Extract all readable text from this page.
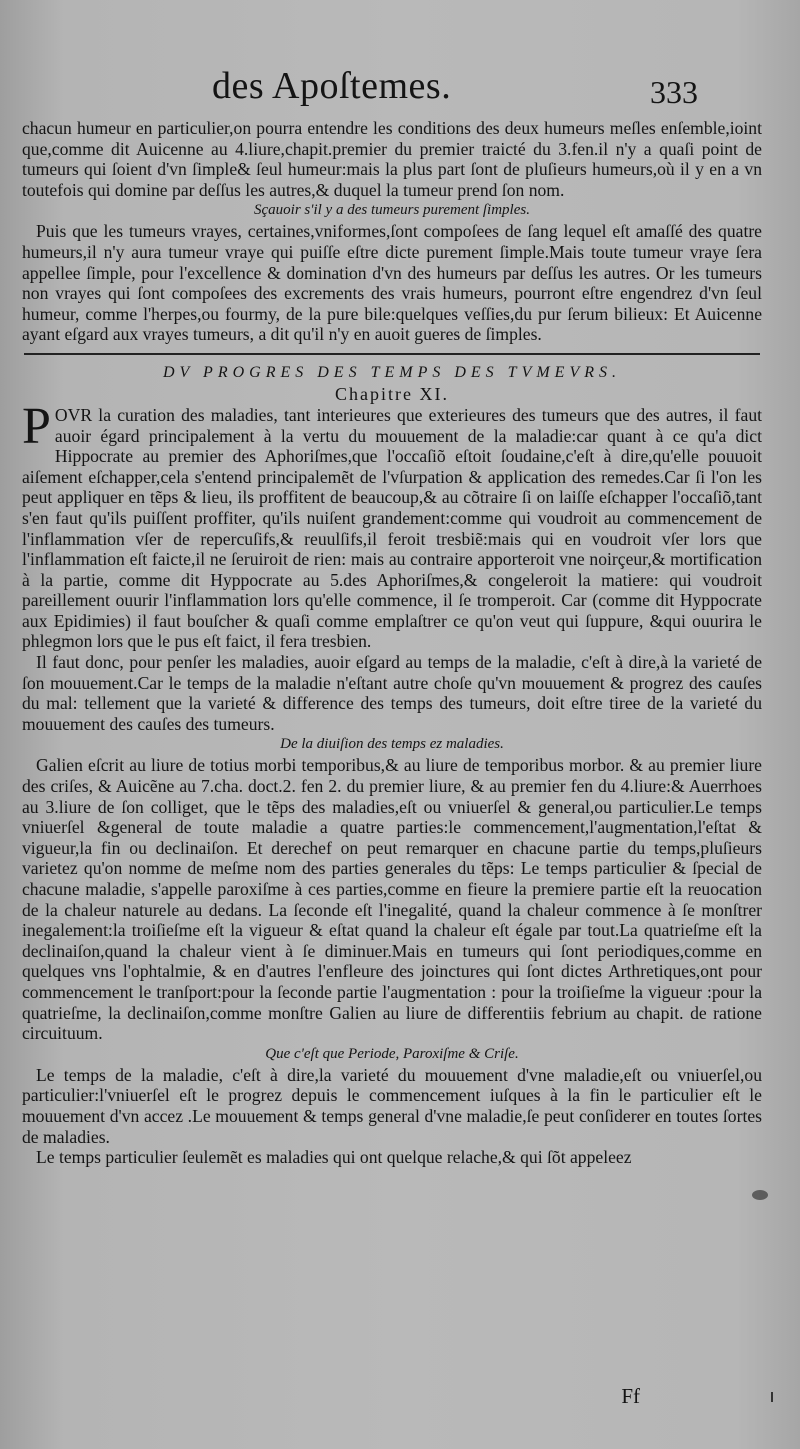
des Apoſtemes.	333

chacun humeur en particulier,on pourra entendre les conditions des deux humeurs meſles enſemble,ioint que,comme dit Auicenne au 4.liure,chapit.premier du premier traicté du 3.fen.il n'y a quaſi point de tumeurs qui ſoient d'vn ſimple& ſeul humeur:mais la plus part ſont de pluſieurs humeurs,où il y en a vn toutefois qui domine par deſſus les autres,& duquel la tumeur prend ſon nom.

Sçauoir s'il y a des tumeurs purement ſimples.

Puis que les tumeurs vrayes, certaines,vniformes,ſont compoſees de ſang lequel eſt amaſſé des quatre humeurs,il n'y aura tumeur vraye qui puiſſe eſtre dicte purement ſimple.Mais toute tumeur vraye ſera appellee ſimple, pour l'excellence & domination d'vn des humeurs par deſſus les autres. Or les tumeurs non vrayes qui ſont compoſees des excrements des vrais humeurs, pourront eſtre engendrez d'vn ſeul humeur, comme l'herpes,ou fourmy, de la pure bile:quelques veſſies,du pur ſerum bilieux: Et Auicenne ayant eſgard aux vrayes tumeurs, a dit qu'il n'y en auoit gueres de ſimples.

DV PROGRES DES TEMPS DES TVMEVRS.

Chapitre XI.

POVR la curation des maladies, tant interieures que exterieures des tumeurs que des autres, il faut auoir égard principalement à la vertu du mouuement de la maladie:car quant à ce qu'a dict Hippocrate au premier des Aphoriſmes,que l'occaſiõ eſtoit ſoudaine,c'eſt à dire,qu'elle pouuoit aiſement eſchapper,cela s'entend principalemẽt de l'vſurpation & application des remedes.Car ſi l'on les peut appliquer en tẽps & lieu, ils proffitent de beaucoup,& au cõtraire ſi on laiſſe eſchapper l'occaſiõ,tant s'en faut qu'ils puiſſent proffiter, qu'ils nuiſent grandement:comme qui voudroit au commencement de l'inflammation vſer de repercuſifs,& reuulſifs,il feroit tresbiẽ:mais qui en voudroit vſer lors que l'inflammation eſt faicte,il ne ſeruiroit de rien: mais au contraire apporteroit vne noirçeur,& mortification à la partie, comme dit Hyppocrate au 5.des Aphoriſmes,& congeleroit la matiere: qui voudroit pareillement ouurir l'inflammation lors qu'elle commence, il ſe tromperoit. Car (comme dit Hyppocrate aux Epidimies) il faut bouſcher & quaſi comme emplaſtrer ce qu'on veut qui ſuppure, &qui ouurira le phlegmon lors que le pus eſt faict, il fera tresbien.

Il faut donc, pour penſer les maladies, auoir eſgard au temps de la maladie, c'eſt à dire,à la varieté de ſon mouuement.Car le temps de la maladie n'eſtant autre choſe qu'vn mouuement & progrez des cauſes du mal: tellement que la varieté & difference des temps des tumeurs, doit eſtre tiree de la varieté du mouuement des cauſes des tumeurs.

De la diuiſion des temps ez maladies.

Galien eſcrit au liure de totius morbi temporibus,& au liure de temporibus morbor. & au premier liure des criſes, & Auicẽne au 7.cha. doct.2. fen 2. du premier liure, & au premier fen du 4.liure:& Auerrhoes au 3.liure de ſon colliget, que le tẽps des maladies,eſt ou vniuerſel & general,ou particulier.Le temps vniuerſel &general de toute maladie a quatre parties:le commencement,l'augmentation,l'eſtat & vigueur,la fin ou declinaiſon. Et derechef on peut remarquer en chacune partie du temps,pluſieurs varietez qu'on nomme de meſme nom des parties generales du tẽps: Le temps particulier & ſpecial de chacune maladie, s'appelle paroxiſme à ces parties,comme en fieure la premiere partie eſt la reuocation de la chaleur naturele au dedans. La ſeconde eſt l'inegalité, quand la chaleur commence à ſe monſtrer inegalement:la troiſieſme eſt la vigueur & eſtat quand la chaleur eſt égale par tout.La quatrieſme eſt la declinaiſon,quand la chaleur vient à ſe diminuer.Mais en tumeurs qui ſont periodiques,comme en quelques vns l'ophtalmie, & en d'autres l'enfleure des joinctures qui ſont dictes Arthretiques,ont pour commencement le tranſport:pour la ſeconde partie l'augmentation : pour la troiſieſme la vigueur :pour la quatrieſme, la declinaiſon,comme monſtre Galien au liure de differentiis febrium au chapit. de ratione circuituum.

Que c'eſt que Periode, Paroxiſme & Criſe.

Le temps de la maladie, c'eſt à dire,la varieté du mouuement d'vne maladie,eſt ou vniuerſel,ou particulier:l'vniuerſel eſt le progrez depuis le commencement iuſques à la fin le particulier eſt le mouuement d'vn accez .Le mouuement & temps general d'vne maladie,ſe peut conſiderer en toutes ſortes de maladies.

Le temps particulier ſeulemẽt es maladies qui ont quelque relache,& qui ſõt appeleez

Ff
